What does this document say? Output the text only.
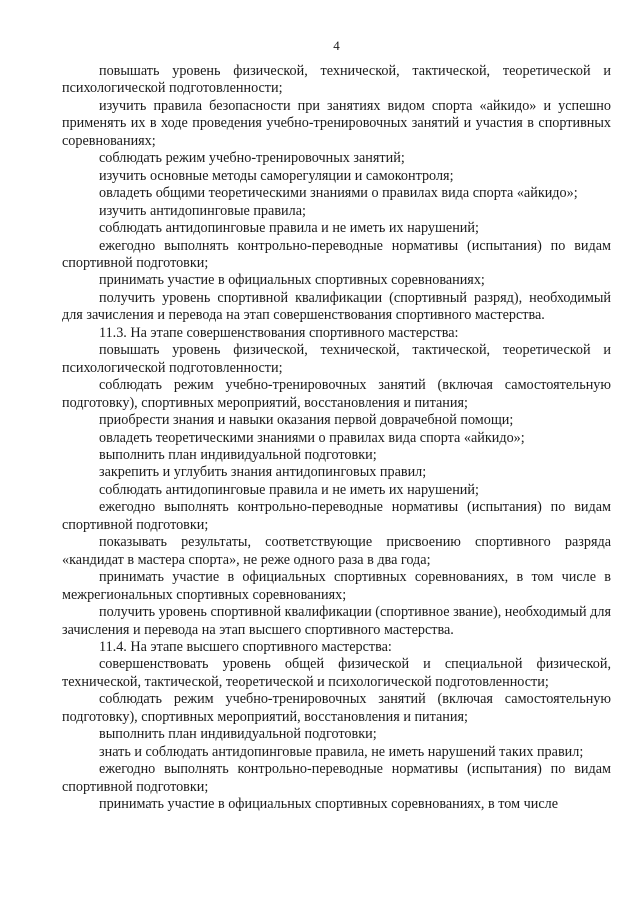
4

повышать уровень физической, технической, тактической, теоретической и психологической подготовленности;

изучить правила безопасности при занятиях видом спорта «айкидо» и успешно применять их в ходе проведения учебно-тренировочных занятий и участия в спортивных соревнованиях;

соблюдать режим учебно-тренировочных занятий;

изучить основные методы саморегуляции и самоконтроля;

овладеть общими теоретическими знаниями о правилах вида спорта «айкидо»;

изучить антидопинговые правила;

соблюдать антидопинговые правила и не иметь их нарушений;

ежегодно выполнять контрольно-переводные нормативы (испытания) по видам спортивной подготовки;

принимать участие в официальных спортивных соревнованиях;

получить уровень спортивной квалификации (спортивный разряд), необходимый для зачисления и перевода на этап совершенствования спортивного мастерства.

11.3. На этапе совершенствования спортивного мастерства:

повышать уровень физической, технической, тактической, теоретической и психологической подготовленности;

соблюдать режим учебно-тренировочных занятий (включая самостоятельную подготовку), спортивных мероприятий, восстановления и питания;

приобрести знания и навыки оказания первой доврачебной помощи;

овладеть теоретическими знаниями о правилах вида спорта «айкидо»;

выполнить план индивидуальной подготовки;

закрепить и углубить знания антидопинговых правил;

соблюдать антидопинговые правила и не иметь их нарушений;

ежегодно выполнять контрольно-переводные нормативы (испытания) по видам спортивной подготовки;

показывать результаты, соответствующие присвоению спортивного разряда «кандидат в мастера спорта», не реже одного раза в два года;

принимать участие в официальных спортивных соревнованиях, в том числе в межрегиональных спортивных соревнованиях;

получить уровень спортивной квалификации (спортивное звание), необходимый для зачисления и перевода на этап высшего спортивного мастерства.

11.4. На этапе высшего спортивного мастерства:

совершенствовать уровень общей физической и специальной физической, технической, тактической, теоретической и психологической подготовленности;

соблюдать режим учебно-тренировочных занятий (включая самостоятельную подготовку), спортивных мероприятий, восстановления и питания;

выполнить план индивидуальной подготовки;

знать и соблюдать антидопинговые правила, не иметь нарушений таких правил;

ежегодно выполнять контрольно-переводные нормативы (испытания) по видам спортивной подготовки;

принимать участие в официальных спортивных соревнованиях, в том числе
